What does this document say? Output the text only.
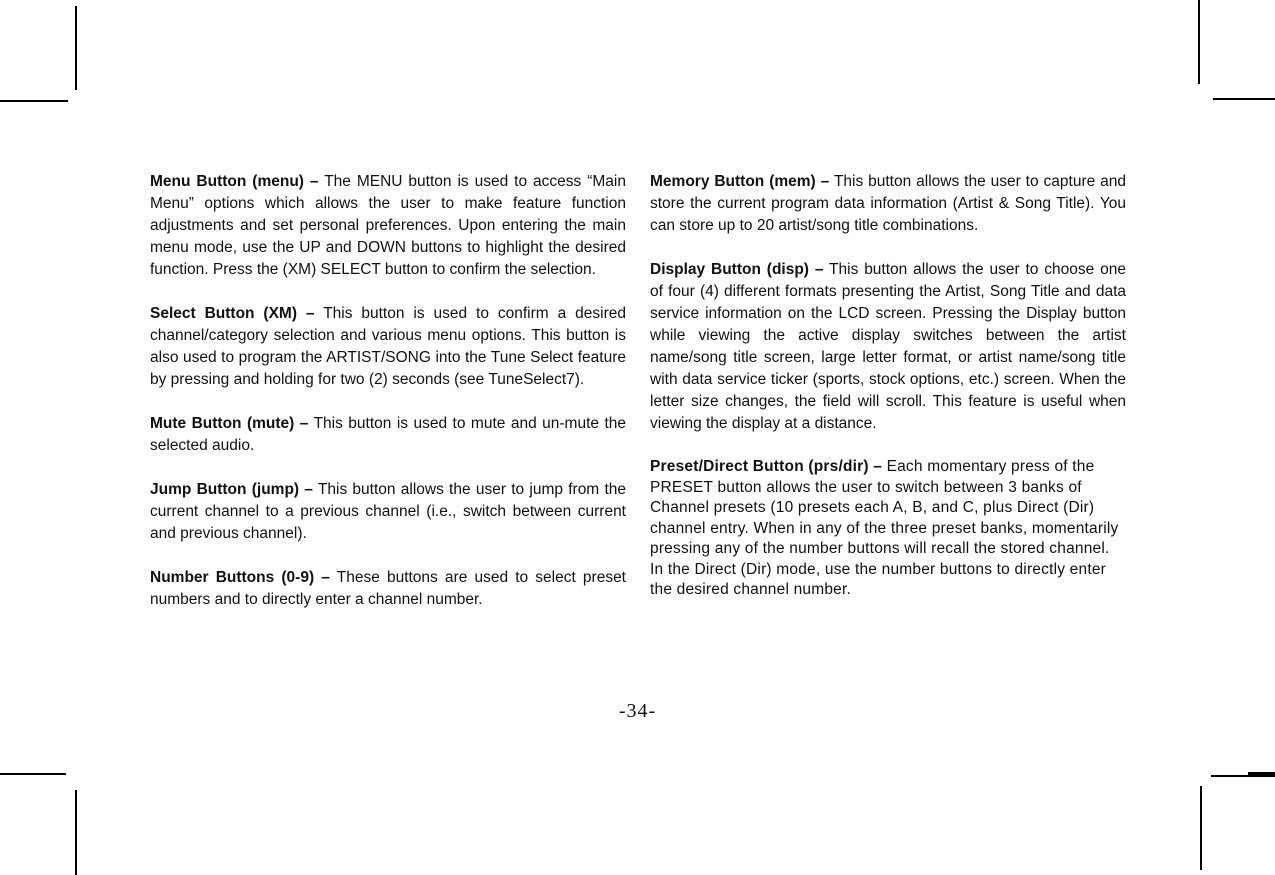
Menu Button (menu) – The MENU button is used to access “Main Menu” options which allows the user to make feature function adjustments and set personal preferences. Upon entering the main menu mode, use the UP and DOWN buttons to highlight the desired function. Press the (XM) SELECT button to confirm the selection.

Select Button (XM) – This button is used to confirm a desired channel/category selection and various menu options. This button is also used to program the ARTIST/SONG into the Tune Select feature by pressing and holding for two (2) seconds (see TuneSelect7).

Mute Button (mute) – This button is used to mute and un-mute the selected audio.

Jump Button (jump) – This button allows the user to jump from the current channel to a previous channel (i.e., switch between current and previous channel).

Number Buttons (0-9) – These buttons are used to select preset numbers and to directly enter a channel number.

Memory Button (mem) – This button allows the user to capture and store the current program data information (Artist & Song Title). You can store up to 20 artist/song title combinations.

Display Button (disp) – This button allows the user to choose one of four (4) different formats presenting the Artist, Song Title and data service information on the LCD screen. Pressing the Display button while viewing the active display switches between the artist name/song title screen, large letter format, or artist name/song title with data service ticker (sports, stock options, etc.) screen. When the letter size changes, the field will scroll. This feature is useful when viewing the display at a distance.

Preset/Direct Button (prs/dir) – Each momentary press of the PRESET button allows the user to switch between 3 banks of Channel presets (10 presets each A, B, and C, plus Direct (Dir) channel entry. When in any of the three preset banks, momentarily pressing any of the number buttons will recall the stored channel. In the Direct (Dir) mode, use the number buttons to directly enter the desired channel number.

-34-
